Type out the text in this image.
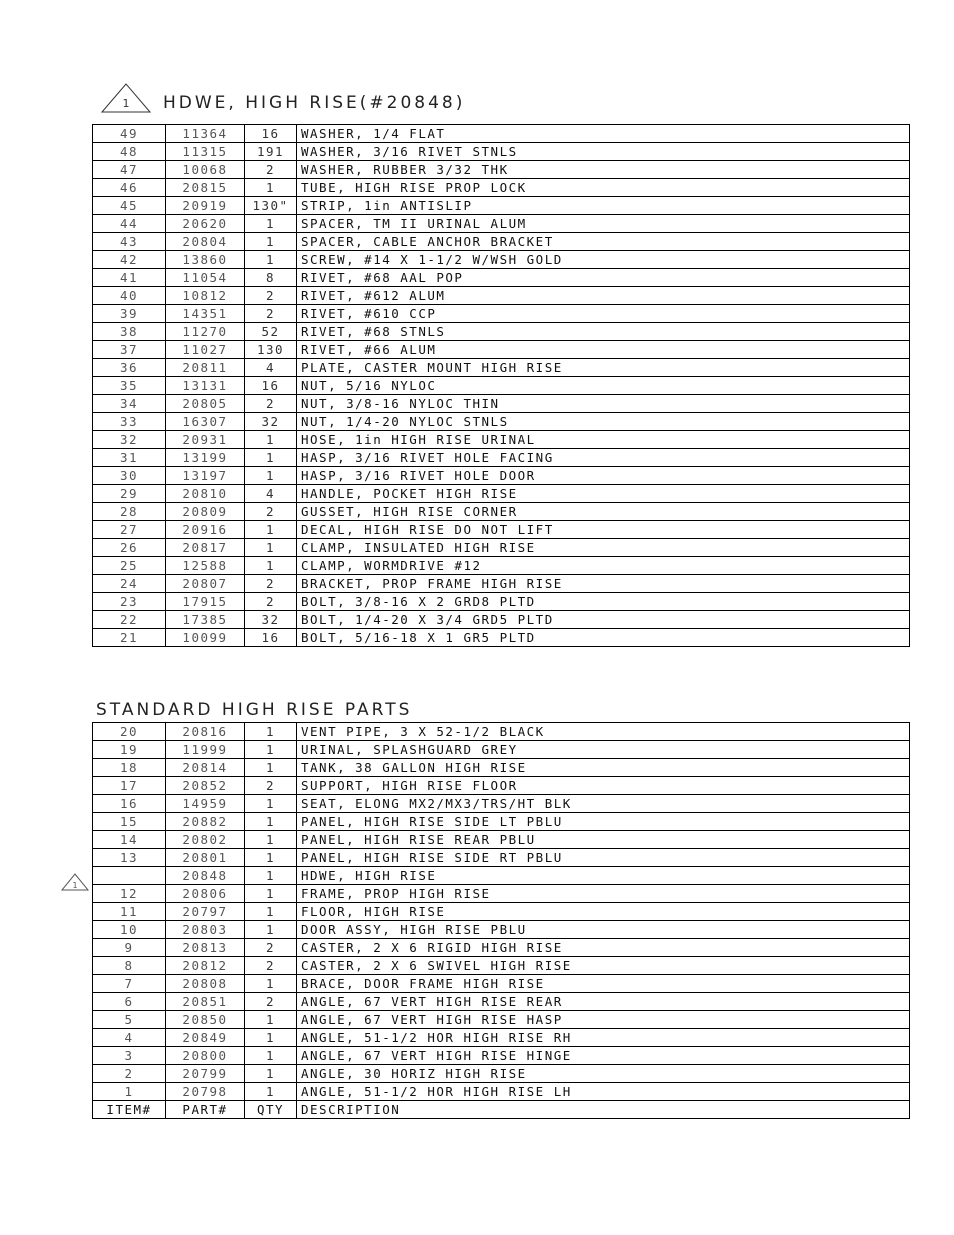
1 HDWE, HIGH RISE(#20848)
49	11364	16	WASHER, 1/4 FLAT
48	11315	191	WASHER, 3/16 RIVET STNLS
47	10068	2	WASHER, RUBBER 3/32 THK
46	20815	1	TUBE, HIGH RISE PROP LOCK
45	20919	130"	STRIP, 1in ANTISLIP
44	20620	1	SPACER, TM II URINAL ALUM
43	20804	1	SPACER, CABLE ANCHOR BRACKET
42	13860	1	SCREW, #14 X 1-1/2 W/WSH GOLD
41	11054	8	RIVET, #68 AAL POP
40	10812	2	RIVET, #612 ALUM
39	14351	2	RIVET, #610 CCP
38	11270	52	RIVET, #68 STNLS
37	11027	130	RIVET, #66 ALUM
36	20811	4	PLATE, CASTER MOUNT HIGH RISE
35	13131	16	NUT, 5/16 NYLOC
34	20805	2	NUT, 3/8-16 NYLOC THIN
33	16307	32	NUT, 1/4-20 NYLOC STNLS
32	20931	1	HOSE, 1in HIGH RISE URINAL
31	13199	1	HASP, 3/16 RIVET HOLE FACING
30	13197	1	HASP, 3/16 RIVET HOLE DOOR
29	20810	4	HANDLE, POCKET HIGH RISE
28	20809	2	GUSSET, HIGH RISE CORNER
27	20916	1	DECAL, HIGH RISE DO NOT LIFT
26	20817	1	CLAMP, INSULATED HIGH RISE
25	12588	1	CLAMP, WORMDRIVE #12
24	20807	2	BRACKET, PROP FRAME HIGH RISE
23	17915	2	BOLT, 3/8-16 X 2 GRD8 PLTD
22	17385	32	BOLT, 1/4-20 X 3/4 GRD5 PLTD
21	10099	16	BOLT, 5/16-18 X 1 GR5 PLTD
STANDARD HIGH RISE PARTS
20	20816	1	VENT PIPE, 3 X 52-1/2 BLACK
19	11999	1	URINAL, SPLASHGUARD GREY
18	20814	1	TANK, 38 GALLON HIGH RISE
17	20852	2	SUPPORT, HIGH RISE FLOOR
16	14959	1	SEAT, ELONG MX2/MX3/TRS/HT BLK
15	20882	1	PANEL, HIGH RISE SIDE LT PBLU
14	20802	1	PANEL, HIGH RISE REAR PBLU
13	20801	1	PANEL, HIGH RISE SIDE RT PBLU
	20848	1	HDWE, HIGH RISE
12	20806	1	FRAME, PROP HIGH RISE
11	20797	1	FLOOR, HIGH RISE
10	20803	1	DOOR ASSY, HIGH RISE PBLU
9	20813	2	CASTER, 2 X 6 RIGID HIGH RISE
8	20812	2	CASTER, 2 X 6 SWIVEL HIGH RISE
7	20808	1	BRACE, DOOR FRAME HIGH RISE
6	20851	2	ANGLE, 67 VERT HIGH RISE REAR
5	20850	1	ANGLE, 67 VERT HIGH RISE HASP
4	20849	1	ANGLE, 51-1/2 HOR HIGH RISE RH
3	20800	1	ANGLE, 67 VERT HIGH RISE HINGE
2	20799	1	ANGLE, 30 HORIZ HIGH RISE
1	20798	1	ANGLE, 51-1/2 HOR HIGH RISE LH
ITEM#	PART#	QTY	DESCRIPTION
1
